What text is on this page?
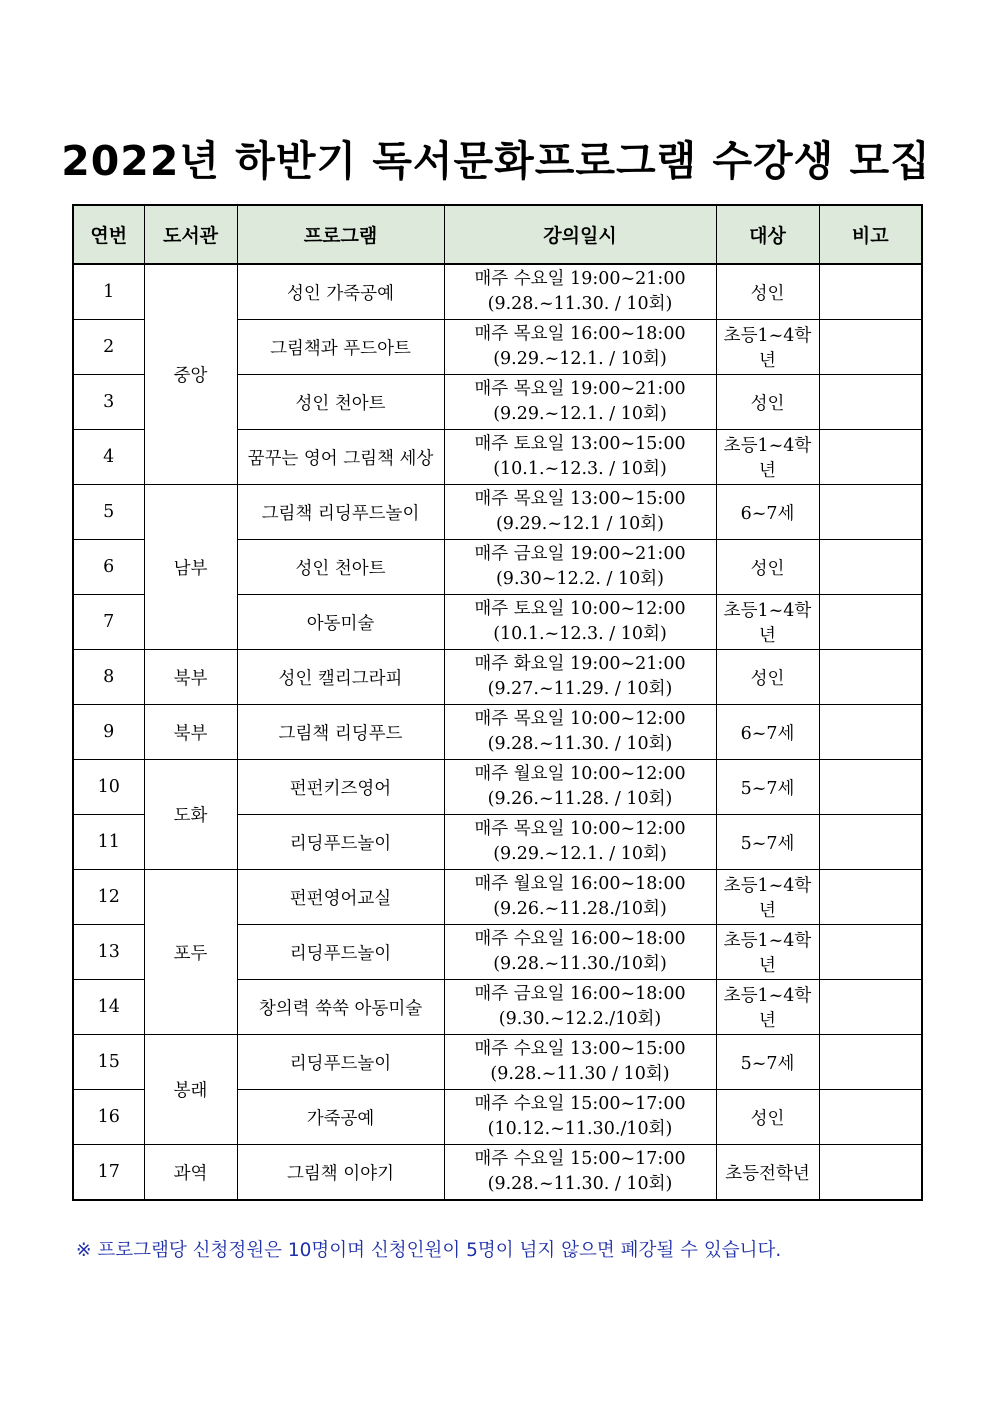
2022년 하반기 독서문화프로그램 수강생 모집
연번	도서관	프로그램	강의일시	대상	비고
1	중앙	성인 가죽공예	매주 수요일 19:00~21:00
(9.28.~11.30. / 10회)	성인	
2		그림책과 푸드아트	매주 목요일 16:00~18:00
(9.29.~12.1. / 10회)	초등1~4학년	
3		성인 천아트	매주 목요일 19:00~21:00
(9.29.~12.1. / 10회)	성인	
4		꿈꾸는 영어 그림책 세상	매주 토요일 13:00~15:00
(10.1.~12.3. / 10회)	초등1~4학년	
5	남부	그림책 리딩푸드놀이	매주 목요일 13:00~15:00
(9.29.~12.1 / 10회)	6~7세	
6		성인 천아트	매주 금요일 19:00~21:00
(9.30~12.2. / 10회)	성인	
7		아동미술	매주 토요일 10:00~12:00
(10.1.~12.3. / 10회)	초등1~4학년	
8	북부	성인 캘리그라피	매주 화요일 19:00~21:00
(9.27.~11.29. / 10회)	성인	
9	북부	그림책 리딩푸드	매주 목요일 10:00~12:00
(9.28.~11.30. / 10회)	6~7세	
10	도화	펀펀키즈영어	매주 월요일 10:00~12:00
(9.26.~11.28. / 10회)	5~7세	
11		리딩푸드놀이	매주 목요일 10:00~12:00
(9.29.~12.1. / 10회)	5~7세	
12	포두	펀펀영어교실	매주 월요일 16:00~18:00
(9.26.~11.28./10회)	초등1~4학년	
13		리딩푸드놀이	매주 수요일 16:00~18:00
(9.28.~11.30./10회)	초등1~4학년	
14		창의력 쑥쑥 아동미술	매주 금요일 16:00~18:00
(9.30.~12.2./10회)	초등1~4학년	
15	봉래	리딩푸드놀이	매주 수요일 13:00~15:00
(9.28.~11.30 / 10회)	5~7세	
16		가죽공예	매주 수요일 15:00~17:00
(10.12.~11.30./10회)	성인	
17	과역	그림책 이야기	매주 수요일 15:00~17:00
(9.28.~11.30. / 10회)	초등전학년	
※ 프로그램당 신청정원은 10명이며 신청인원이 5명이 넘지 않으면 폐강될 수 있습니다.
